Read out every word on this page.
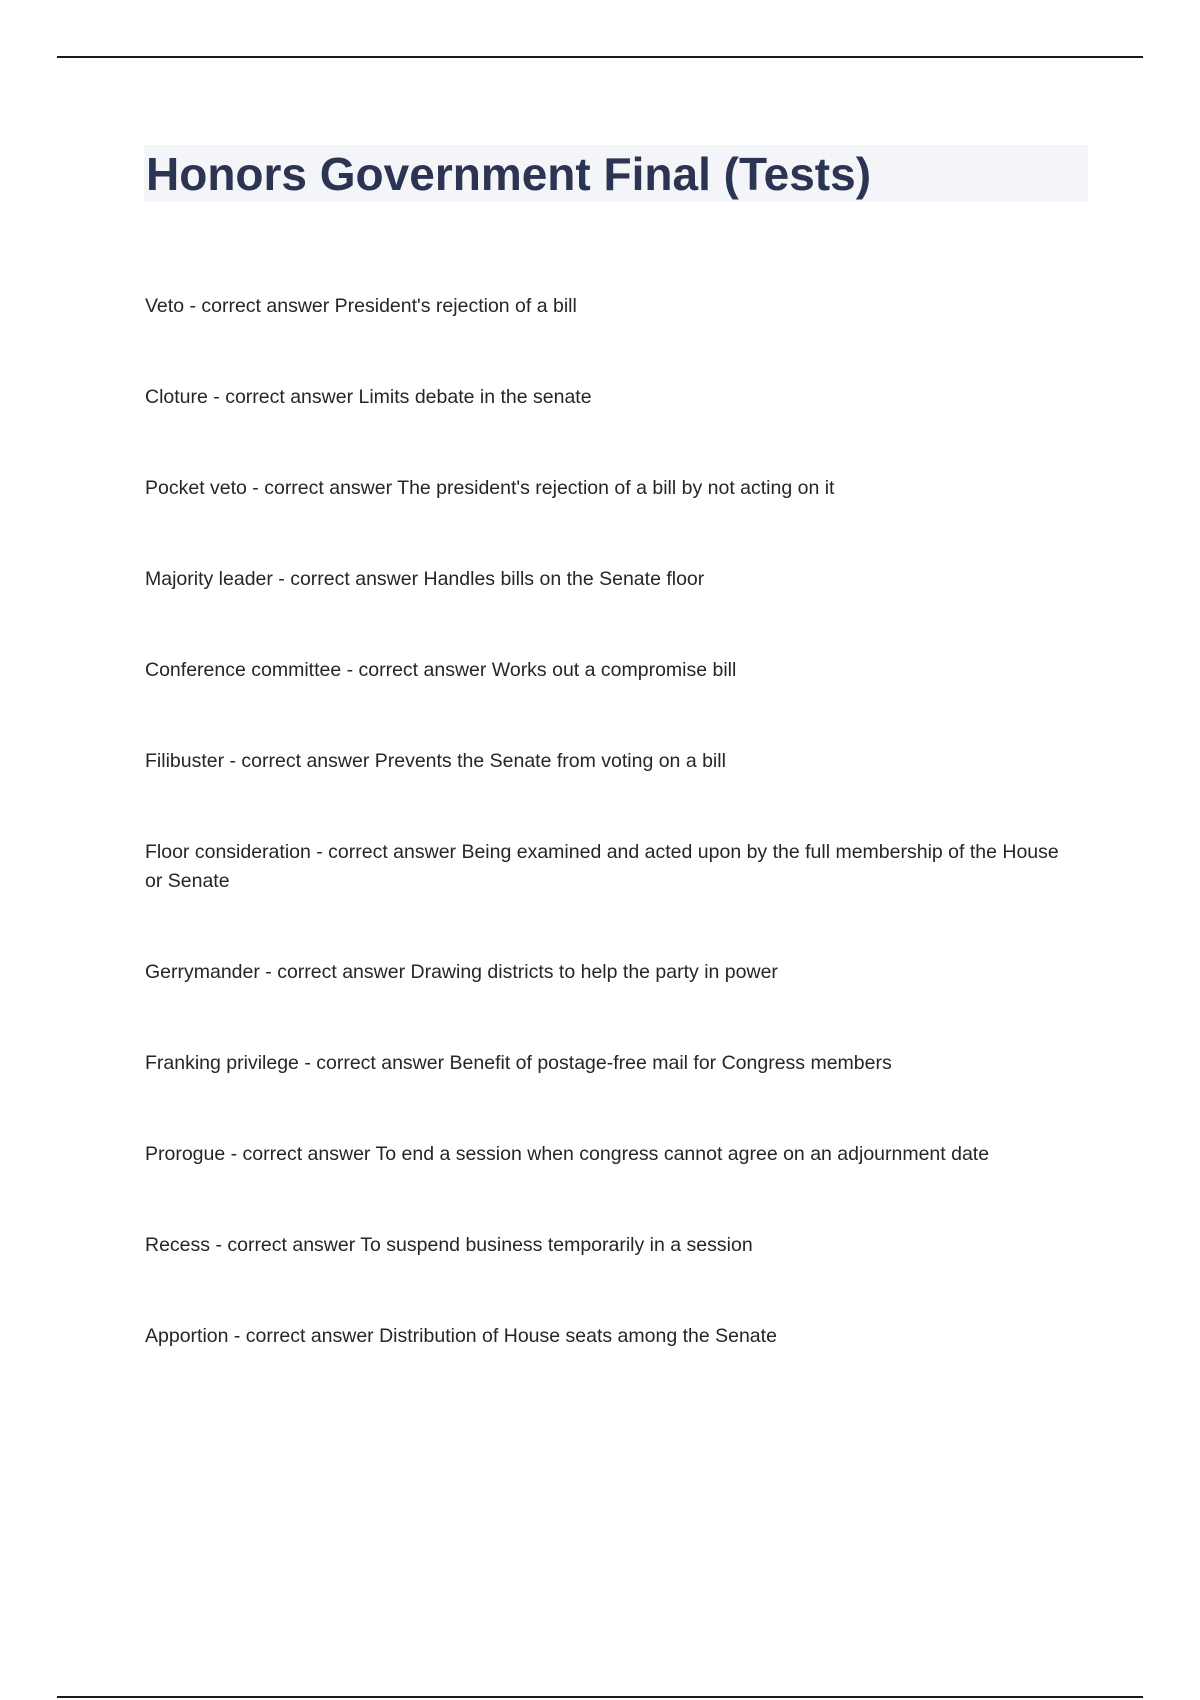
Honors Government Final (Tests)
Veto - correct answer President's rejection of a bill
Cloture - correct answer Limits debate in the senate
Pocket veto - correct answer The president's rejection of a bill by not acting on it
Majority leader - correct answer Handles bills on the Senate floor
Conference committee - correct answer Works out a compromise bill
Filibuster - correct answer Prevents the Senate from voting on a bill
Floor consideration - correct answer Being examined and acted upon by the full membership of the House or Senate
Gerrymander - correct answer Drawing districts to help the party in power
Franking privilege - correct answer Benefit of postage-free mail for Congress members
Prorogue - correct answer To end a session when congress cannot agree on an adjournment date
Recess - correct answer To suspend business temporarily in a session
Apportion - correct answer Distribution of House seats among the Senate
